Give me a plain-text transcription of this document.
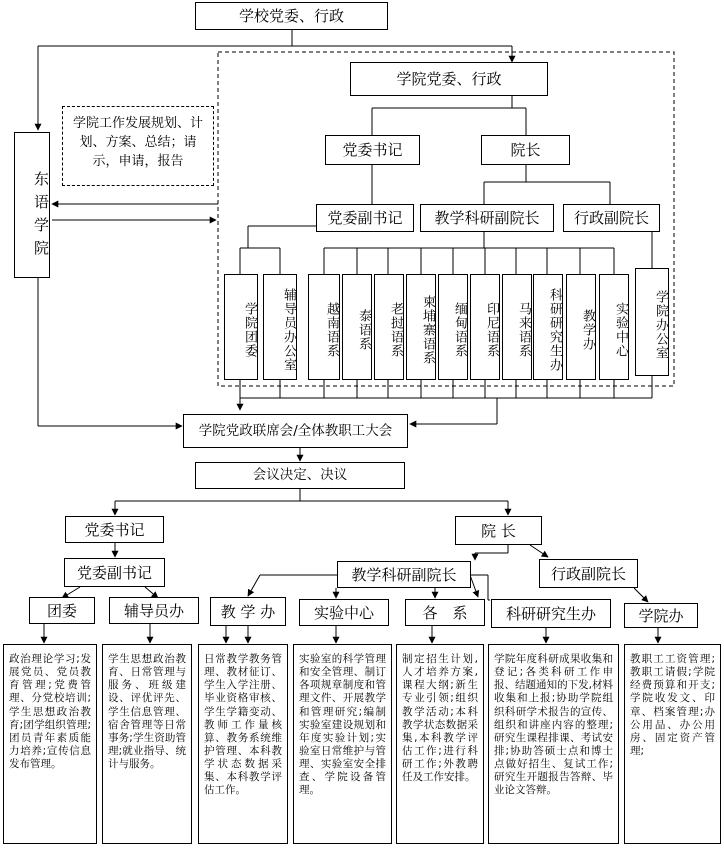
学校党委、行政
学院党委、行政
党委书记	院长
党委副书记	教学科研副院长	行政副院长
东语学院
学院工作发展规划、计划、方案、总结；请示，申请，报告
学院团委	辅导员办公室	越南语系	泰语系	老挝语系	柬埔寨语系	缅甸语系	印尼语系	马来语系	科研研究生办	教学办	实验中心	学院办公室
学院党政联席会/全体教职工大会
会议决定、决议
党委书记	院 长
党委副书记	教学科研副院长	行政副院长
团委	辅导员办	教 学 办	实验中心	各　系	科研研究生办	学院办
政治理论学习;发展党员、党员教育管理;党费管理、分党校培训;学生思想政治教育;团学组织管理;团员青年素质能力培养;宣传信息发布管理。
学生思想政治教育、日常管理与服务、班级建设、评优评先、学生信息管理、宿舍管理等日常事务;学生资助管理;就业指导、统计与服务。
日常教学教务管理、教材征订、学生入学注册、毕业资格审核、学生学籍变动、教师工作量核算、教务系统维护管理、本科教学状态数据采集、本科教学评估工作。
实验室的科学管理和安全管理、制订各项规章制度和管理文件、开展教学和管理研究;编制实验室建设规划和年度实验计划;实验室日常维护与管理、实验室安全排查、学院设备管理。
制定招生计划,人才培养方案,课程大纲;新生专业引领;组织教学活动;本科教学状态数据采集,本科教学评估工作;进行科研工作;外教聘任及工作安排。
学院年度科研成果收集和登记;各类科研工作申报、结题通知的下发,材料收集和上报;协助学院组织科研学术报告的宣传、组织和讲座内容的整理;研究生课程排课、考试安排;协助答硕士点和博士点做好招生、复试工作;研究生开题报告答辩、毕业论文答辩。
教职工工资管理;教职工请假;学院经费预算和开支;学院收发文、印章、档案管理;办公用品、办公用房、固定资产管理;
